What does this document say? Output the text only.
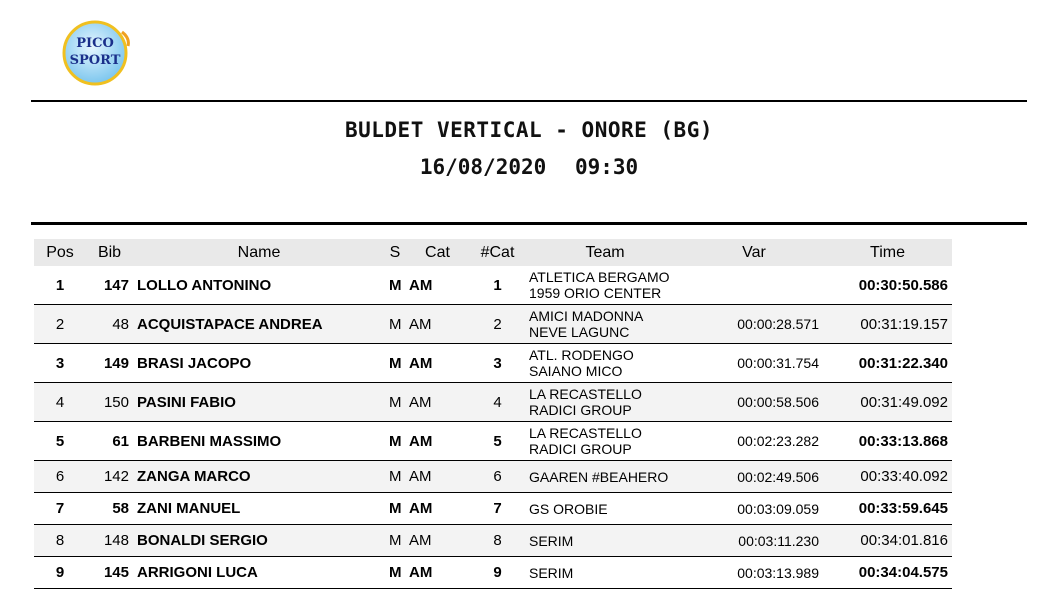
PICO
SPORT
BULDET VERTICAL - ONORE (BG)
16/08/2020 09:30
Pos	Bib	Name	S	Cat	#Cat	Team	Var	Time
1	147	LOLLO ANTONINO	M	AM	1	ATLETICA BERGAMO
1959 ORIO CENTER		00:30:50.586
2	48	ACQUISTAPACE ANDREA	M	AM	2	AMICI MADONNA
NEVE LAGUNC	00:00:28.571	00:31:19.157
3	149	BRASI JACOPO	M	AM	3	ATL. RODENGO
SAIANO MICO	00:00:31.754	00:31:22.340
4	150	PASINI FABIO	M	AM	4	LA RECASTELLO
RADICI GROUP	00:00:58.506	00:31:49.092
5	61	BARBENI MASSIMO	M	AM	5	LA RECASTELLO
RADICI GROUP	00:02:23.282	00:33:13.868
6	142	ZANGA MARCO	M	AM	6	GAAREN #BEAHERO	00:02:49.506	00:33:40.092
7	58	ZANI MANUEL	M	AM	7	GS OROBIE	00:03:09.059	00:33:59.645
8	148	BONALDI SERGIO	M	AM	8	SERIM	00:03:11.230	00:34:01.816
9	145	ARRIGONI LUCA	M	AM	9	SERIM	00:03:13.989	00:34:04.575
